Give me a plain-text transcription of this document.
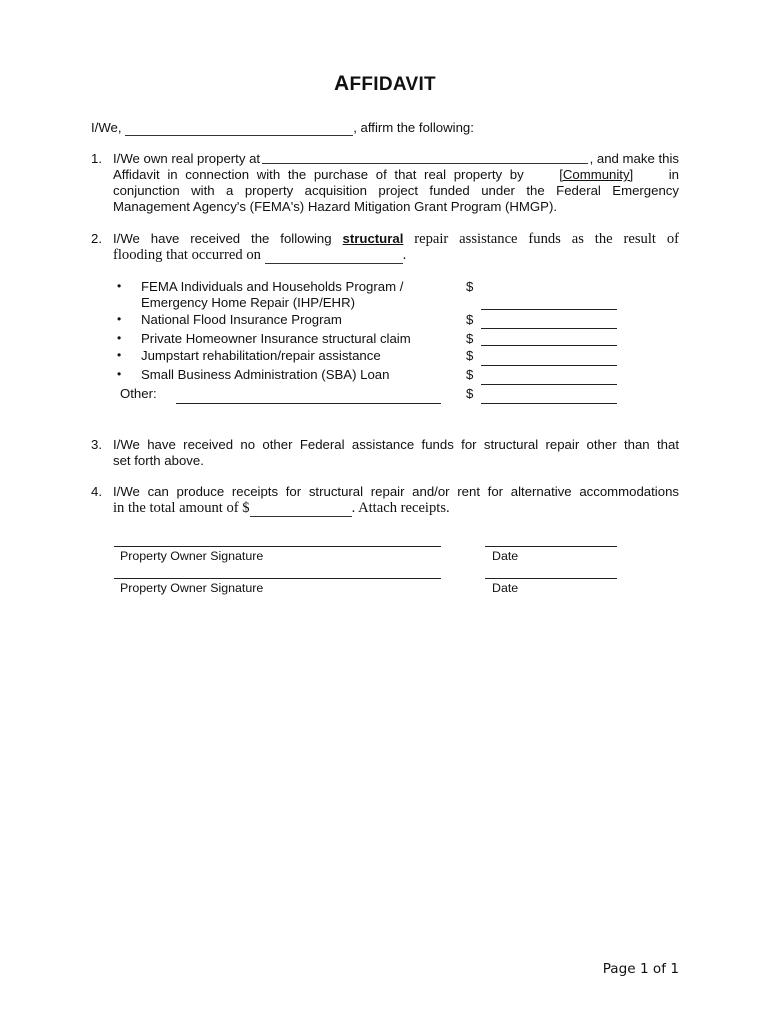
AFFIDAVIT
I/We,	, affirm the following:
1. I/We own real property at	, and make this
Affidavit in connection with the purchase of that real property by	[Community]	in
conjunction with a property acquisition project funded under the Federal Emergency
Management Agency's (FEMA's) Hazard Mitigation Grant Program (HMGP).
2. I/We have received the following structural repair assistance funds as the result of
flooding that occurred on	.
• FEMA Individuals and Households Program /
Emergency Home Repair (IHP/EHR)
$
• National Flood Insurance Program	$
• Private Homeowner Insurance structural claim	$
• Jumpstart rehabilitation/repair assistance	$
• Small Business Administration (SBA) Loan	$
Other:	$
3. I/We have received no other Federal assistance funds for structural repair other than that
set forth above.
4. I/We can produce receipts for structural repair and/or rent for alternative accommodations
in the total amount of $	. Attach receipts.
Property Owner Signature	Date
Property Owner Signature	Date
Page 1 of 1
